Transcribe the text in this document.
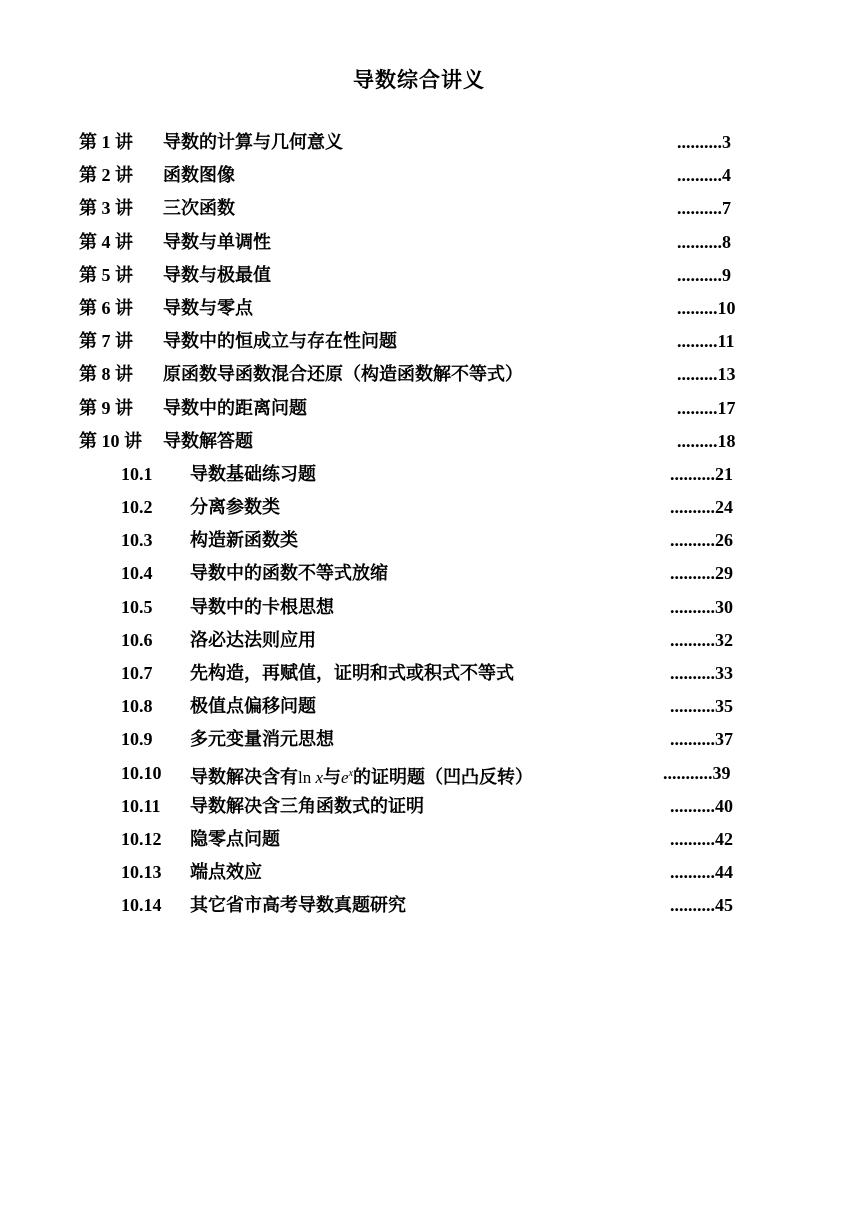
导数综合讲义
第 1 讲 导数的计算与几何意义	..........3
第 2 讲 函数图像	..........4
第 3 讲 三次函数	..........7
第 4 讲 导数与单调性	..........8
第 5 讲 导数与极最值	..........9
第 6 讲 导数与零点	.........10
第 7 讲 导数中的恒成立与存在性问题	.........11
第 8 讲 原函数导函数混合还原（构造函数解不等式）	.........13
第 9 讲 导数中的距离问题	.........17
第 10 讲 导数解答题	.........18
10.1 导数基础练习题	..........21
10.2 分离参数类	..........24
10.3 构造新函数类	..........26
10.4 导数中的函数不等式放缩	..........29
10.5 导数中的卡根思想	..........30
10.6 洛必达法则应用	..........32
10.7 先构造，再赋值，证明和式或积式不等式	..........33
10.8 极值点偏移问题	..........35
10.9 多元变量消元思想	..........37
10.10 导数解决含有ln x与$e^x$的证明题（凹凸反转）	...........39
10.11 导数解决含三角函数式的证明	..........40
10.12 隐零点问题	..........42
10.13 端点效应	..........44
10.14 其它省市高考导数真题研究	..........45
